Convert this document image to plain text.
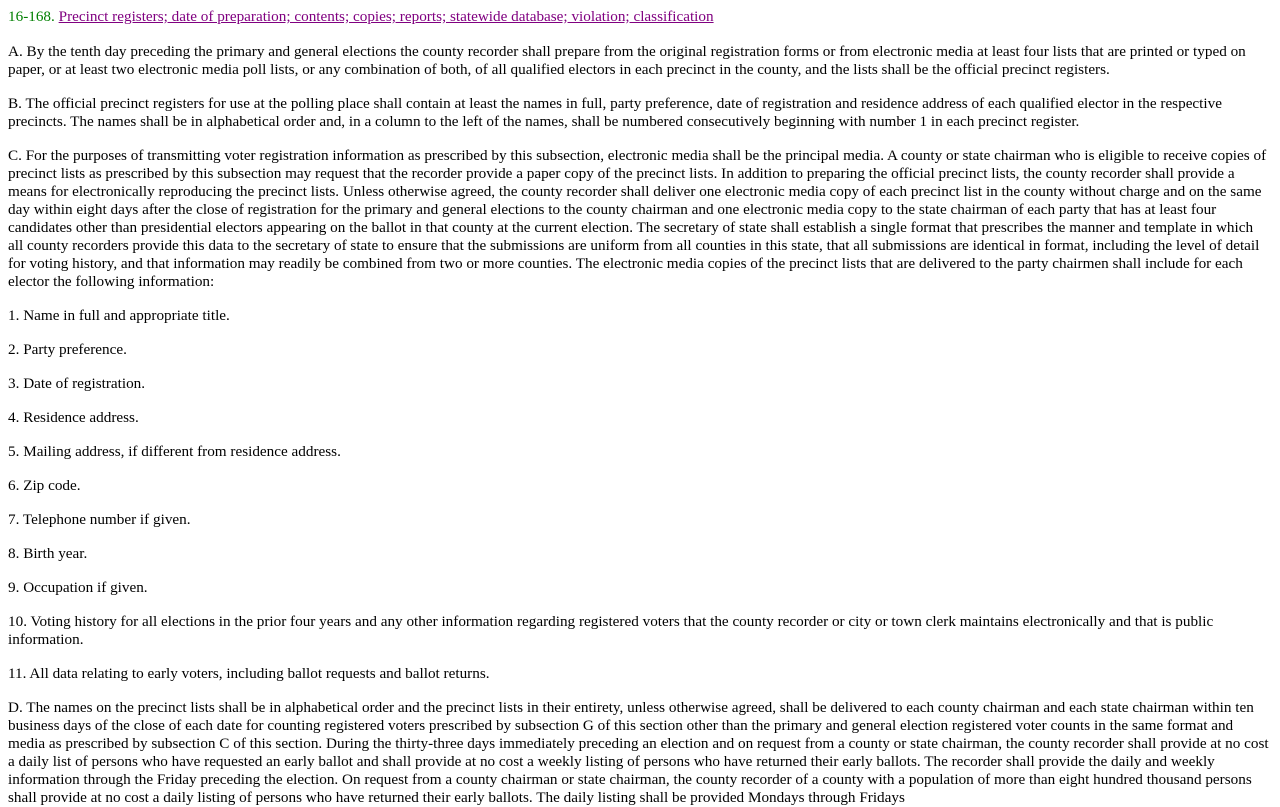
16-168. Precinct registers; date of preparation; contents; copies; reports; statewide database; violation; classification

A. By the tenth day preceding the primary and general elections the county recorder shall prepare from the original registration forms or from electronic media at least four lists that are printed or typed on paper, or at least two electronic media poll lists, or any combination of both, of all qualified electors in each precinct in the county, and the lists shall be the official precinct registers.

B. The official precinct registers for use at the polling place shall contain at least the names in full, party preference, date of registration and residence address of each qualified elector in the respective precincts. The names shall be in alphabetical order and, in a column to the left of the names, shall be numbered consecutively beginning with number 1 in each precinct register.

C. For the purposes of transmitting voter registration information as prescribed by this subsection, electronic media shall be the principal media. A county or state chairman who is eligible to receive copies of precinct lists as prescribed by this subsection may request that the recorder provide a paper copy of the precinct lists. In addition to preparing the official precinct lists, the county recorder shall provide a means for electronically reproducing the precinct lists. Unless otherwise agreed, the county recorder shall deliver one electronic media copy of each precinct list in the county without charge and on the same day within eight days after the close of registration for the primary and general elections to the county chairman and one electronic media copy to the state chairman of each party that has at least four candidates other than presidential electors appearing on the ballot in that county at the current election. The secretary of state shall establish a single format that prescribes the manner and template in which all county recorders provide this data to the secretary of state to ensure that the submissions are uniform from all counties in this state, that all submissions are identical in format, including the level of detail for voting history, and that information may readily be combined from two or more counties. The electronic media copies of the precinct lists that are delivered to the party chairmen shall include for each elector the following information:

1. Name in full and appropriate title.

2. Party preference.

3. Date of registration.

4. Residence address.

5. Mailing address, if different from residence address.

6. Zip code.

7. Telephone number if given.

8. Birth year.

9. Occupation if given.

10. Voting history for all elections in the prior four years and any other information regarding registered voters that the county recorder or city or town clerk maintains electronically and that is public information.

11. All data relating to early voters, including ballot requests and ballot returns.

D. The names on the precinct lists shall be in alphabetical order and the precinct lists in their entirety, unless otherwise agreed, shall be delivered to each county chairman and each state chairman within ten business days of the close of each date for counting registered voters prescribed by subsection G of this section other than the primary and general election registered voter counts in the same format and media as prescribed by subsection C of this section. During the thirty-three days immediately preceding an election and on request from a county or state chairman, the county recorder shall provide at no cost a daily list of persons who have requested an early ballot and shall provide at no cost a weekly listing of persons who have returned their early ballots. The recorder shall provide the daily and weekly information through the Friday preceding the election. On request from a county chairman or state chairman, the county recorder of a county with a population of more than eight hundred thousand persons shall provide at no cost a daily listing of persons who have returned their early ballots. The daily listing shall be provided Mondays through Fridays
